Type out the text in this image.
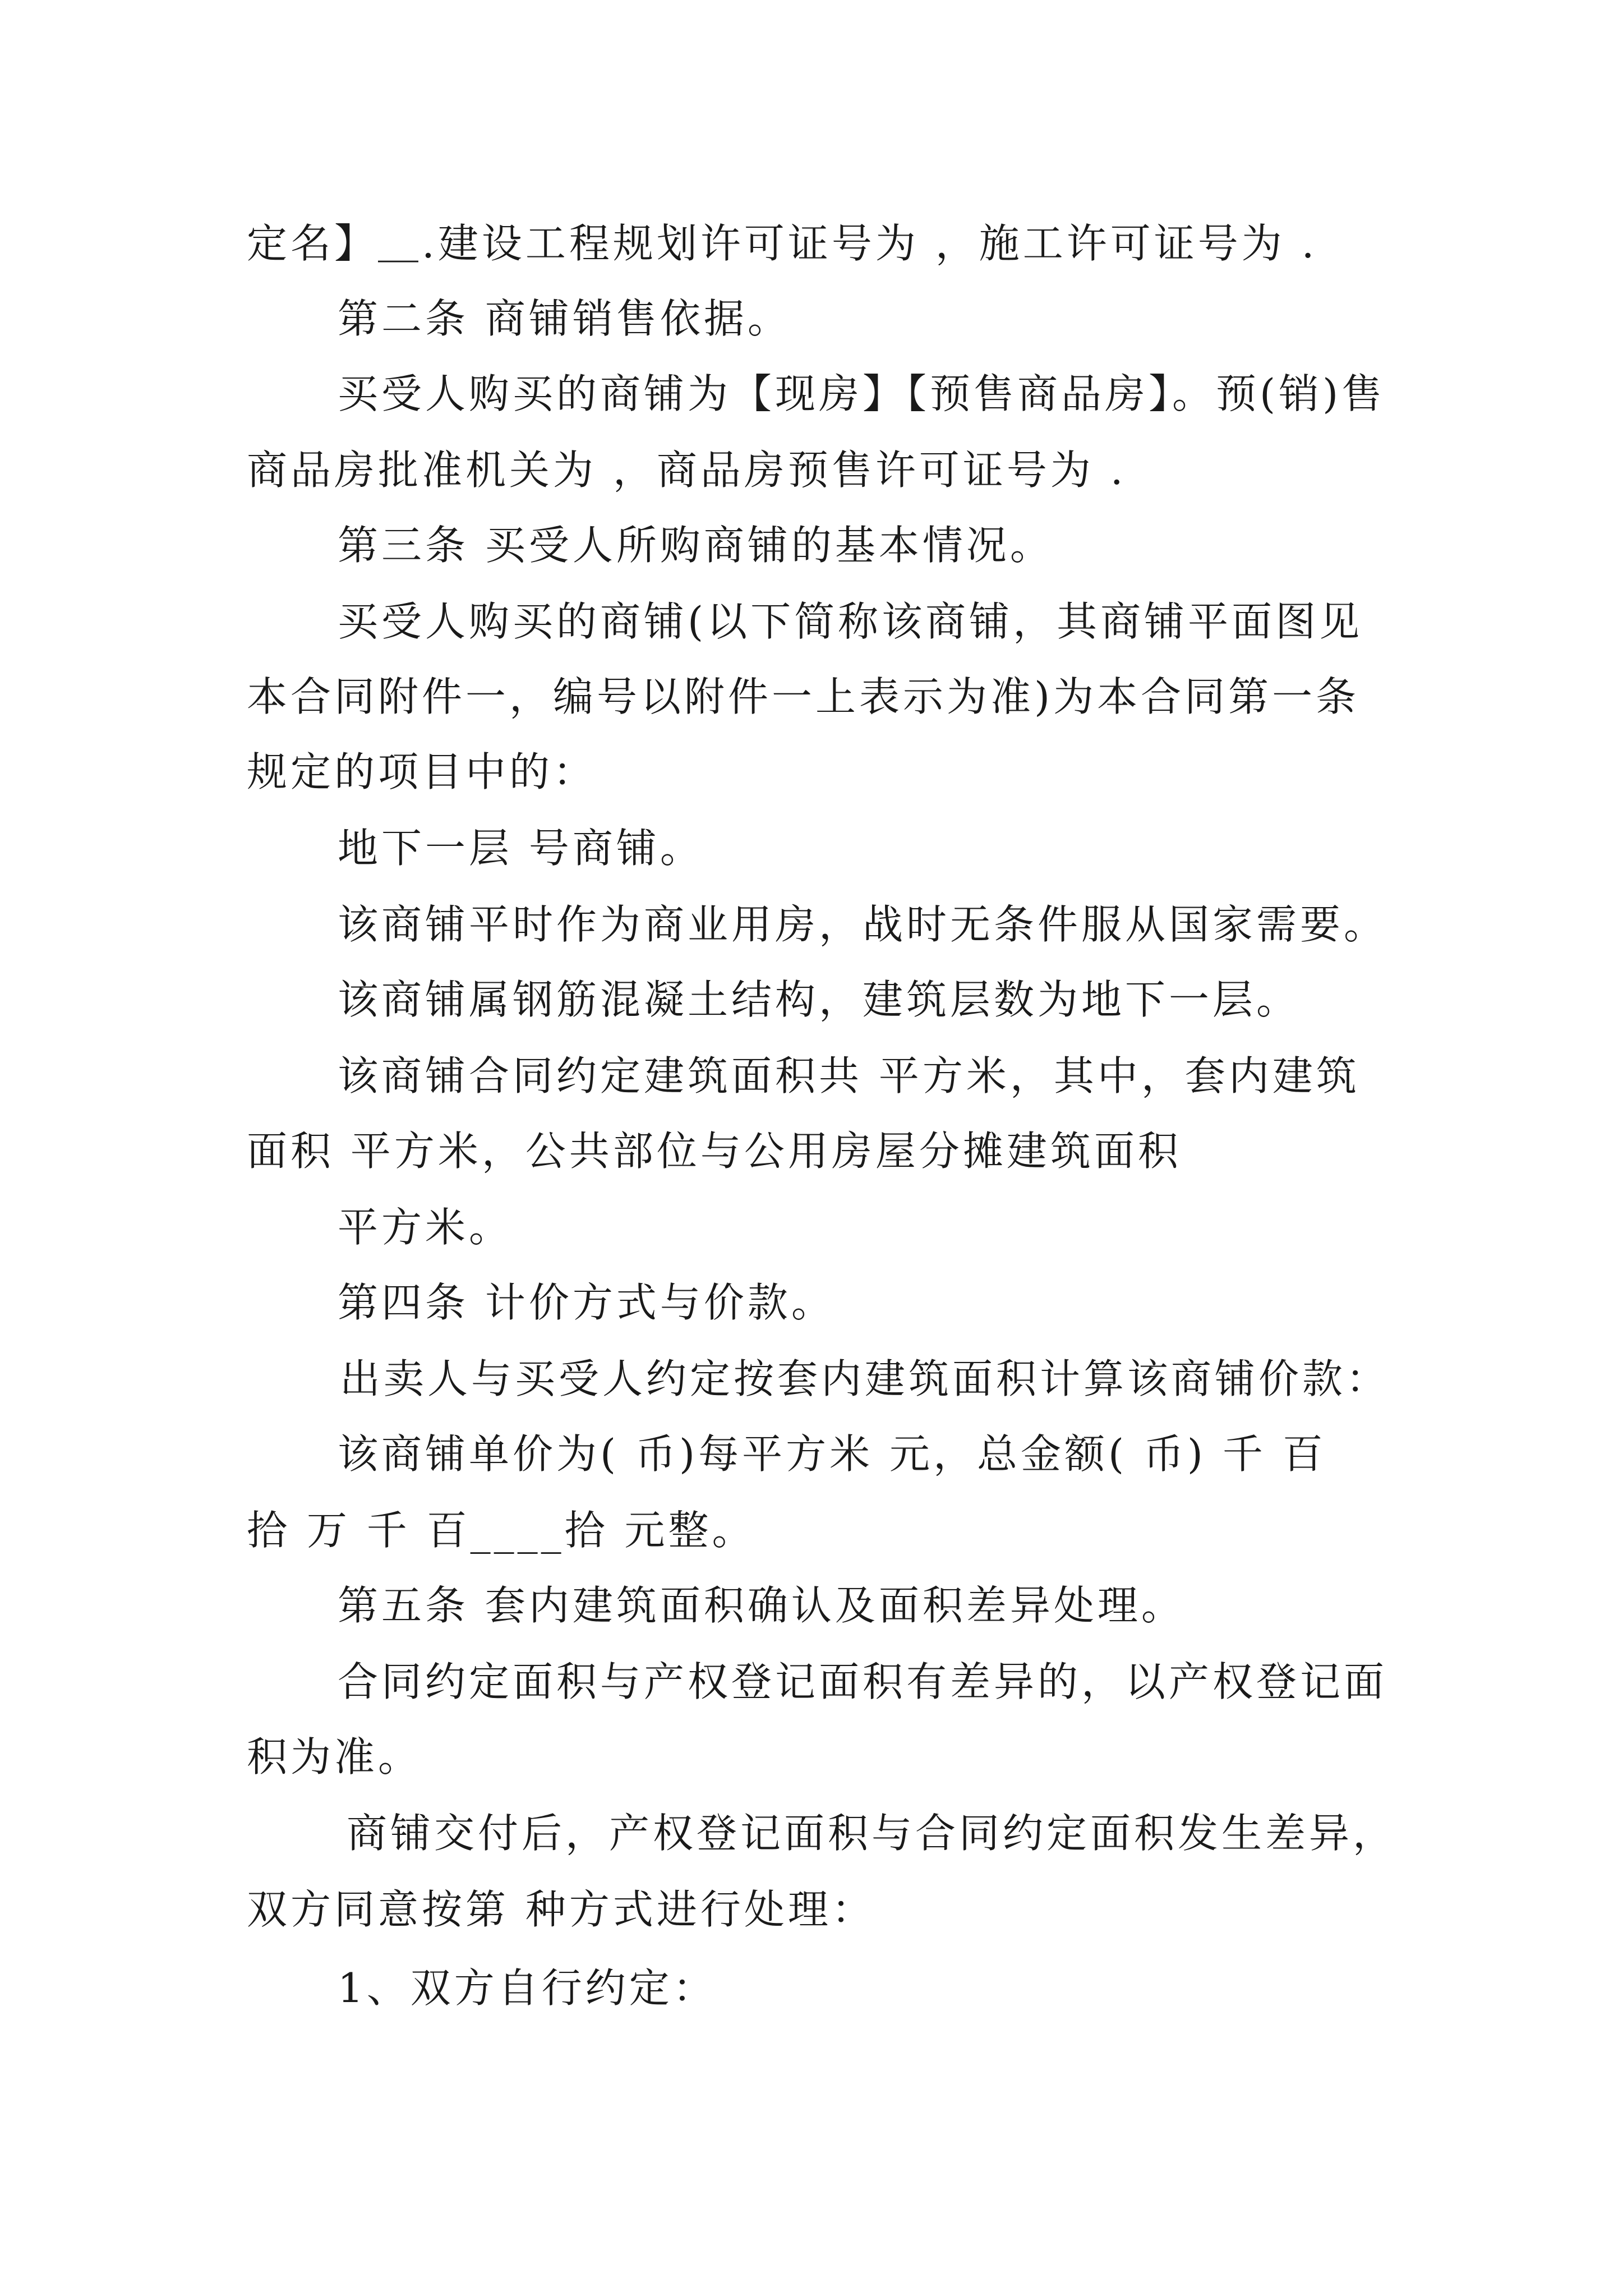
定名】＿.建设工程规划许可证号为 ，施工许可证号为 .
第二条 商铺销售依据。
买受人购买的商铺为【现房】【预售商品房】。预(销)售
商品房批准机关为 ，商品房预售许可证号为 .
第三条 买受人所购商铺的基本情况。
买受人购买的商铺(以下简称该商铺，其商铺平面图见
本合同附件一，编号以附件一上表示为准)为本合同第一条
规定的项目中的：
地下一层 号商铺。
该商铺平时作为商业用房，战时无条件服从国家需要。
该商铺属钢筋混凝土结构，建筑层数为地下一层。
该商铺合同约定建筑面积共 平方米，其中，套内建筑
面积 平方米，公共部位与公用房屋分摊建筑面积
平方米。
第四条 计价方式与价款。
出卖人与买受人约定按套内建筑面积计算该商铺价款：
该商铺单价为( 币)每平方米 元，总金额( 币) 千 百
拾 万 千 百____拾 元整。
第五条 套内建筑面积确认及面积差异处理。
合同约定面积与产权登记面积有差异的，以产权登记面
积为准。
商铺交付后，产权登记面积与合同约定面积发生差异，
双方同意按第 种方式进行处理：
1、双方自行约定：
